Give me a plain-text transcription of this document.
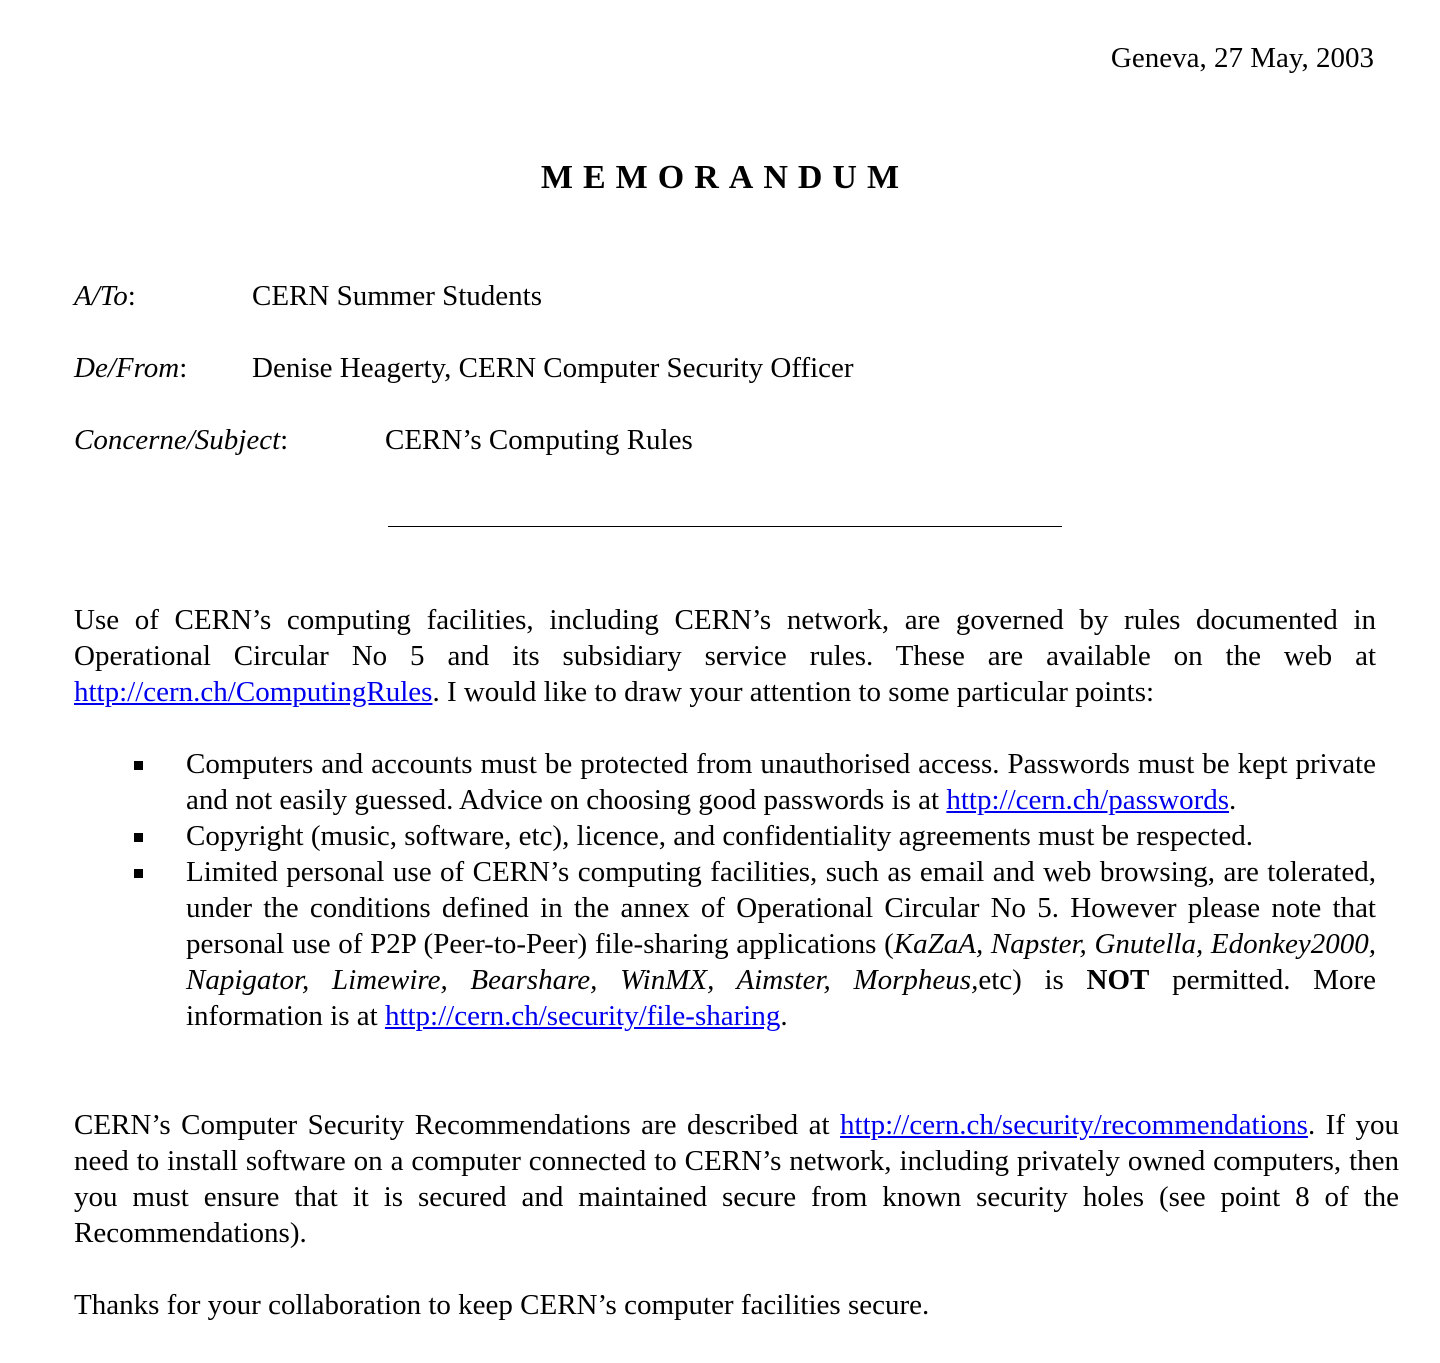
Geneva, 27 May, 2003
MEMORANDUM
A/To:	CERN Summer Students
De/From: Denise Heagerty, CERN Computer Security Officer
Concerne/Subject:	CERN’s Computing Rules
Use of CERN’s computing facilities, including CERN’s network, are governed by rules documented in Operational Circular No 5 and its subsidiary service rules. These are available on the web at http://cern.ch/ComputingRules. I would like to draw your attention to some particular points:
Computers and accounts must be protected from unauthorised access. Passwords must be kept private and not easily guessed. Advice on choosing good passwords is at http://cern.ch/passwords.
Copyright (music, software, etc), licence, and confidentiality agreements must be respected.
Limited personal use of CERN’s computing facilities, such as email and web browsing, are tolerated, under the conditions defined in the annex of Operational Circular No 5. However please note that personal use of P2P (Peer-to-Peer) file-sharing applications (KaZaA, Napster, Gnutella, Edonkey2000, Napigator, Limewire, Bearshare, WinMX, Aimster, Morpheus,etc) is NOT permitted. More information is at http://cern.ch/security/file-sharing.
CERN’s Computer Security Recommendations are described at http://cern.ch/security/recommendations. If you need to install software on a computer connected to CERN’s network, including privately owned computers, then you must ensure that it is secured and maintained secure from known security holes (see point 8 of the Recommendations).
Thanks for your collaboration to keep CERN’s computer facilities secure.
